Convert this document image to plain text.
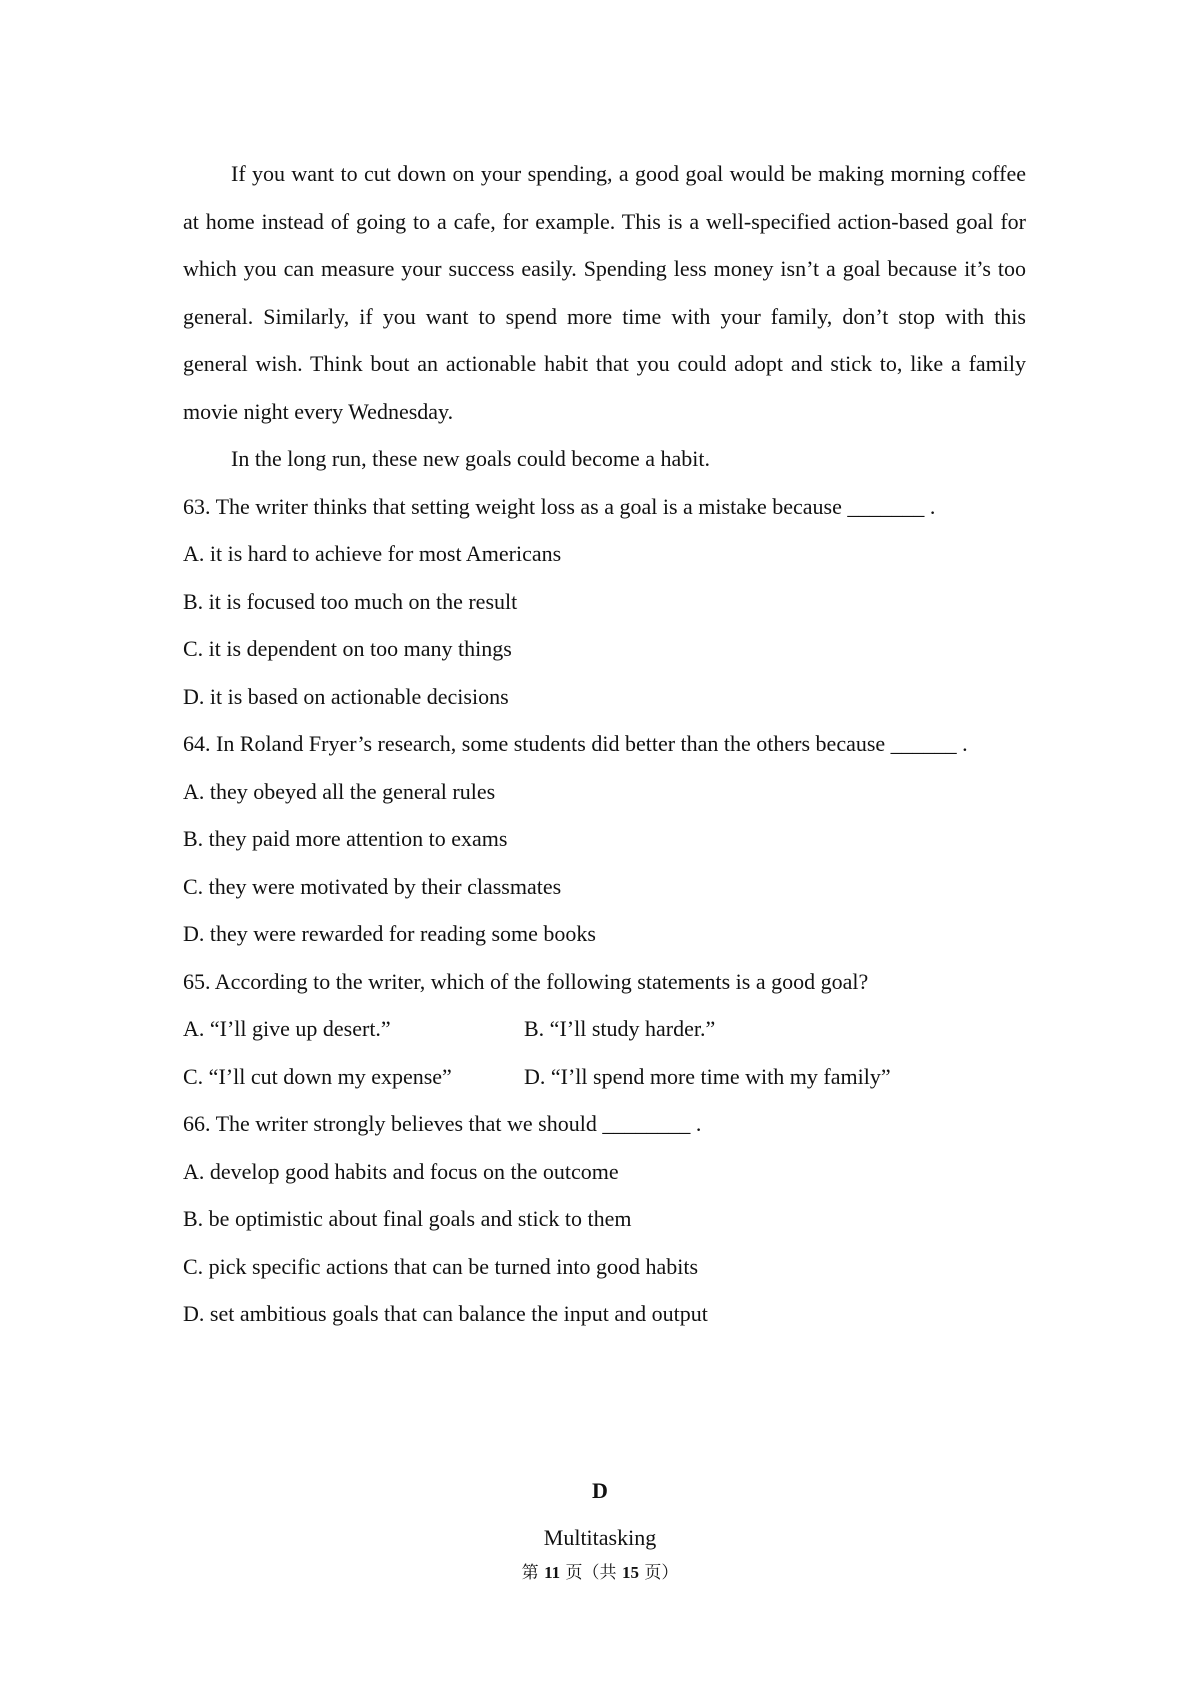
If you want to cut down on your spending, a good goal would be making morning coffee at home instead of going to a cafe, for example. This is a well-specified action-based goal for which you can measure your success easily. Spending less money isn’t a goal because it’s too general. Similarly, if you want to spend more time with your family, don’t stop with this general wish. Think bout an actionable habit that you could adopt and stick to, like a family movie night every Wednesday.

In the long run, these new goals could become a habit.

63. The writer thinks that setting weight loss as a goal is a mistake because _______ .

A. it is hard to achieve for most Americans

B. it is focused too much on the result

C. it is dependent on too many things

D. it is based on actionable decisions

64. In Roland Fryer’s research, some students did better than the others because ______ .

A. they obeyed all the general rules

B. they paid more attention to exams

C. they were motivated by their classmates

D. they were rewarded for reading some books

65. According to the writer, which of the following statements is a good goal?

A. “I’ll give up desert.”	B. “I’ll study harder.”
C. “I’ll cut down my expense”	D. “I’ll spend more time with my family”

66. The writer strongly believes that we should ________ .

A. develop good habits and focus on the outcome

B. be optimistic about final goals and stick to them

C. pick specific actions that can be turned into good habits

D. set ambitious goals that can balance the input and output

D
Multitasking
第 11 页（共 15 页）
